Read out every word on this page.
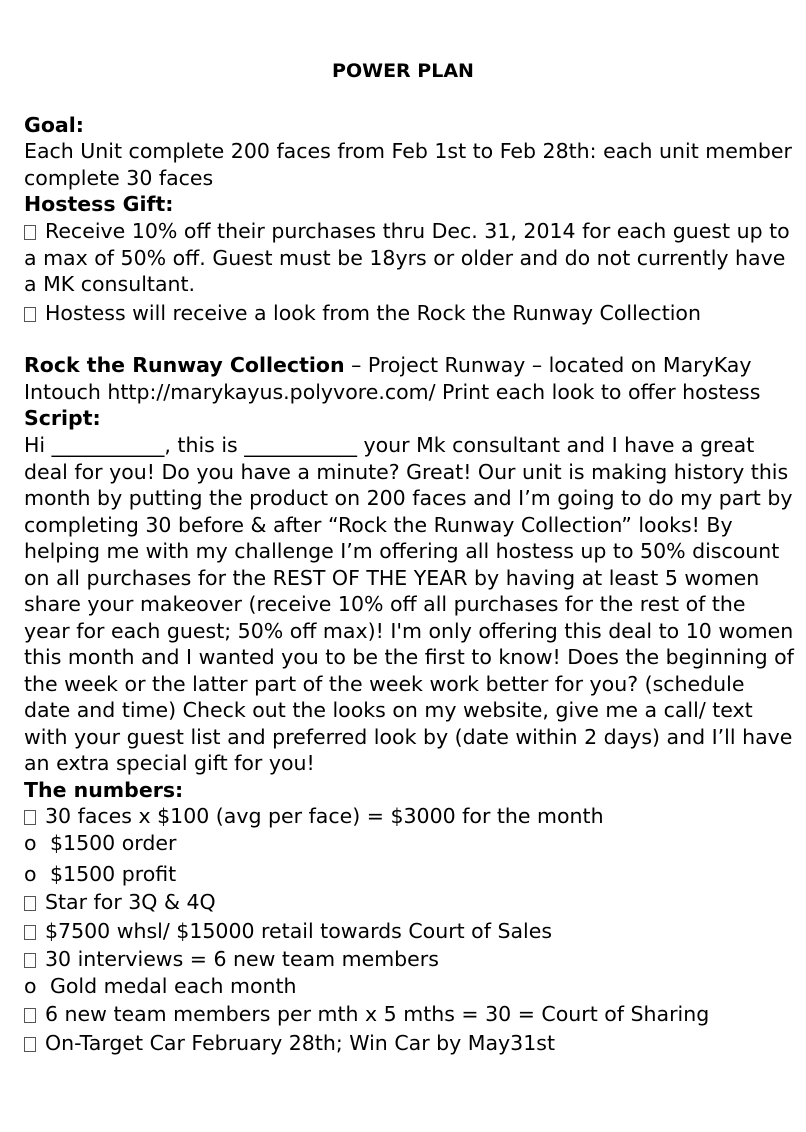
POWER PLAN
Goal:
Each Unit complete 200 faces from Feb 1st to Feb 28th: each unit member complete 30 faces
Hostess Gift:
Receive 10% off their purchases thru Dec. 31, 2014 for each guest up to a max of 50% off. Guest must be 18yrs or older and do not currently have a MK consultant.
Hostess will receive a look from the Rock the Runway Collection
Rock the Runway Collection – Project Runway – located on MaryKay Intouch http://marykayus.polyvore.com/ Print each look to offer hostess
Script:
Hi ___________, this is ___________ your Mk consultant and I have a great deal for you! Do you have a minute? Great! Our unit is making history this month by putting the product on 200 faces and I’m going to do my part by completing 30 before & after “Rock the Runway Collection” looks! By helping me with my challenge I’m offering all hostess up to 50% discount on all purchases for the REST OF THE YEAR by having at least 5 women share your makeover (receive 10% off all purchases for the rest of the year for each guest; 50% off max)! I'm only offering this deal to 10 women this month and I wanted you to be the first to know! Does the beginning of the week or the latter part of the week work better for you? (schedule date and time) Check out the looks on my website, give me a call/ text with your guest list and preferred look by (date within 2 days) and I’ll have an extra special gift for you!
The numbers:
30 faces x $100 (avg per face) = $3000 for the month
o $1500 order
o $1500 profit
Star for 3Q & 4Q
$7500 whsl/ $15000 retail towards Court of Sales
30 interviews = 6 new team members
o Gold medal each month
6 new team members per mth x 5 mths = 30 = Court of Sharing
On-Target Car February 28th; Win Car by May31st
